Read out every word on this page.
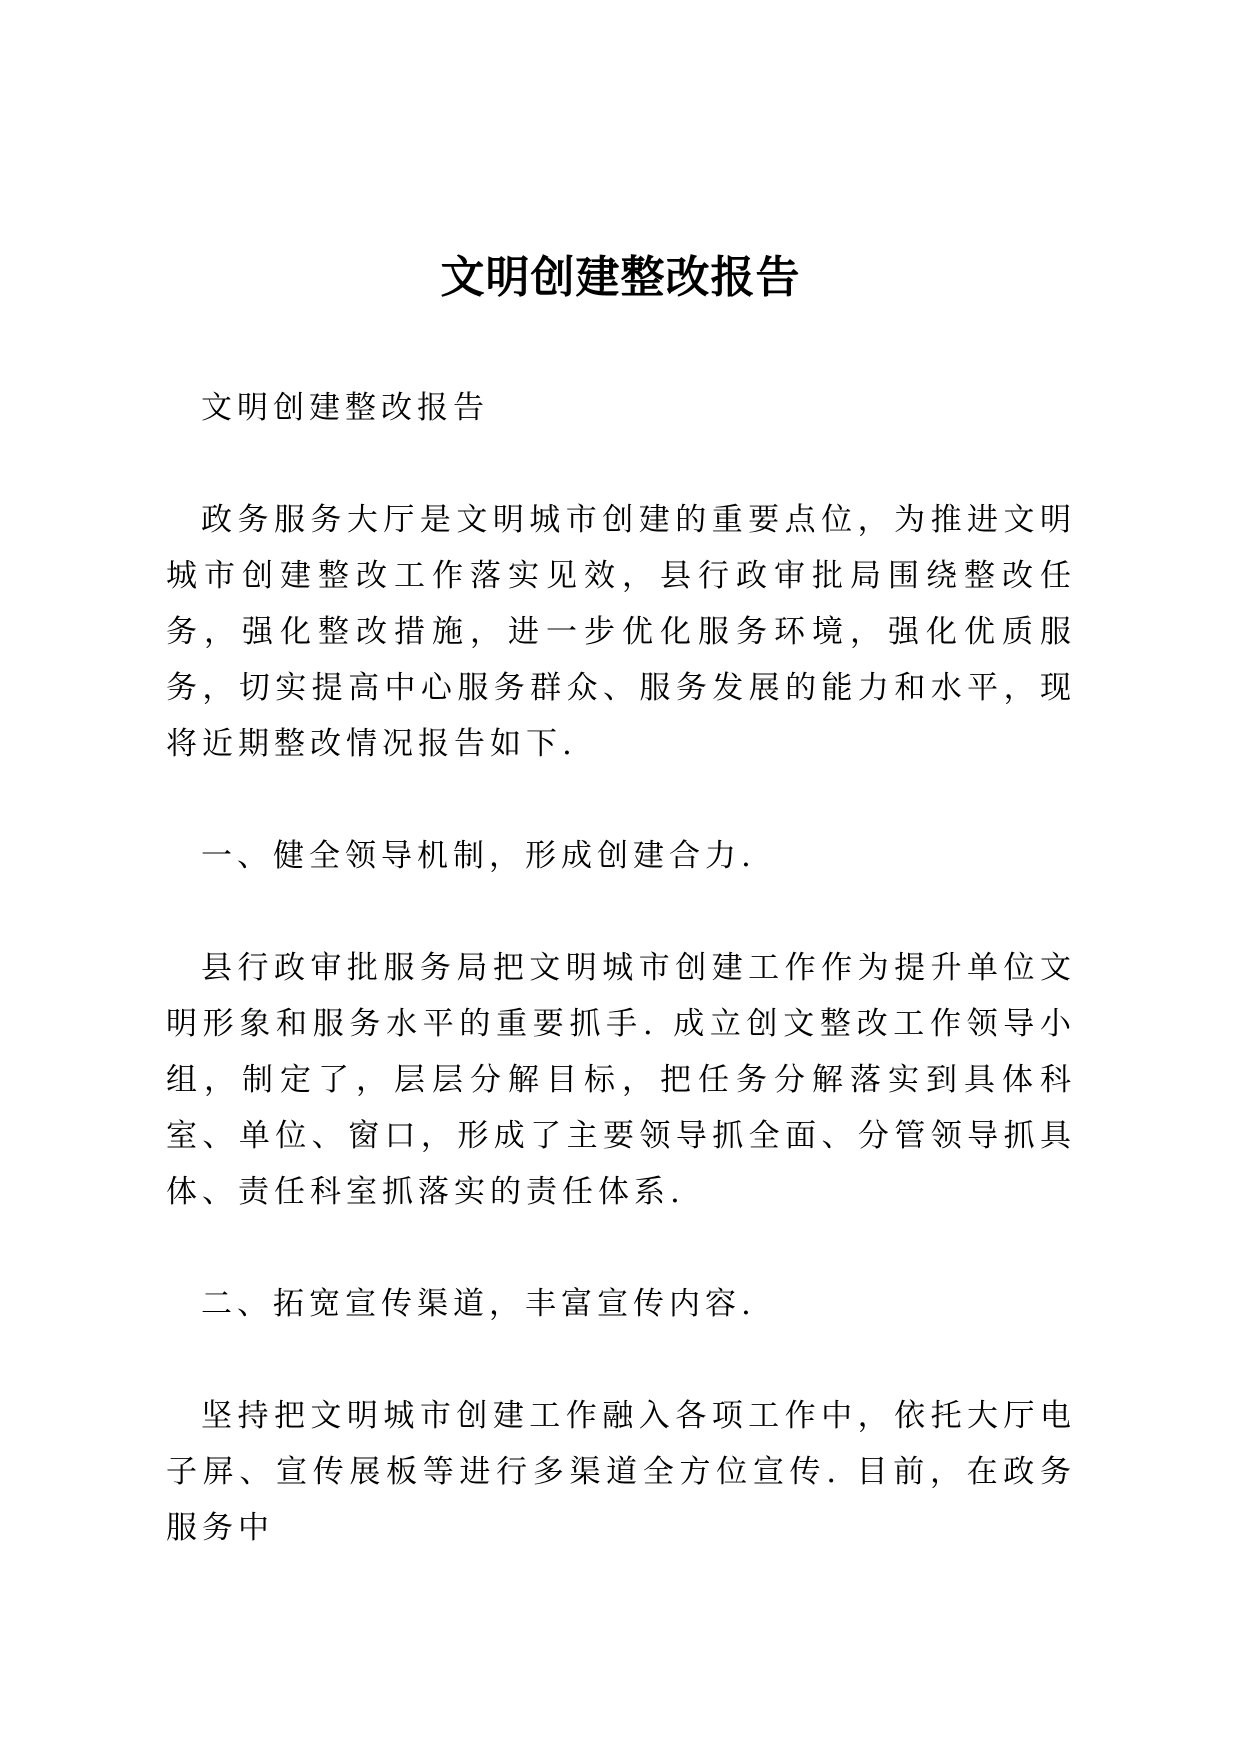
文明创建整改报告

文明创建整改报告

政务服务大厅是文明城市创建的重要点位，为推进文明城市创建整改工作落实见效，县行政审批局围绕整改任务，强化整改措施，进一步优化服务环境，强化优质服务，切实提高中心服务群众、服务发展的能力和水平，现将近期整改情况报告如下.

一、健全领导机制，形成创建合力.

县行政审批服务局把文明城市创建工作作为提升单位文明形象和服务水平的重要抓手. 成立创文整改工作领导小组，制定了，层层分解目标，把任务分解落实到具体科室、单位、窗口，形成了主要领导抓全面、分管领导抓具体、责任科室抓落实的责任体系.

二、拓宽宣传渠道，丰富宣传内容.

坚持把文明城市创建工作融入各项工作中，依托大厅电子屏、宣传展板等进行多渠道全方位宣传. 目前，在政务服务中
